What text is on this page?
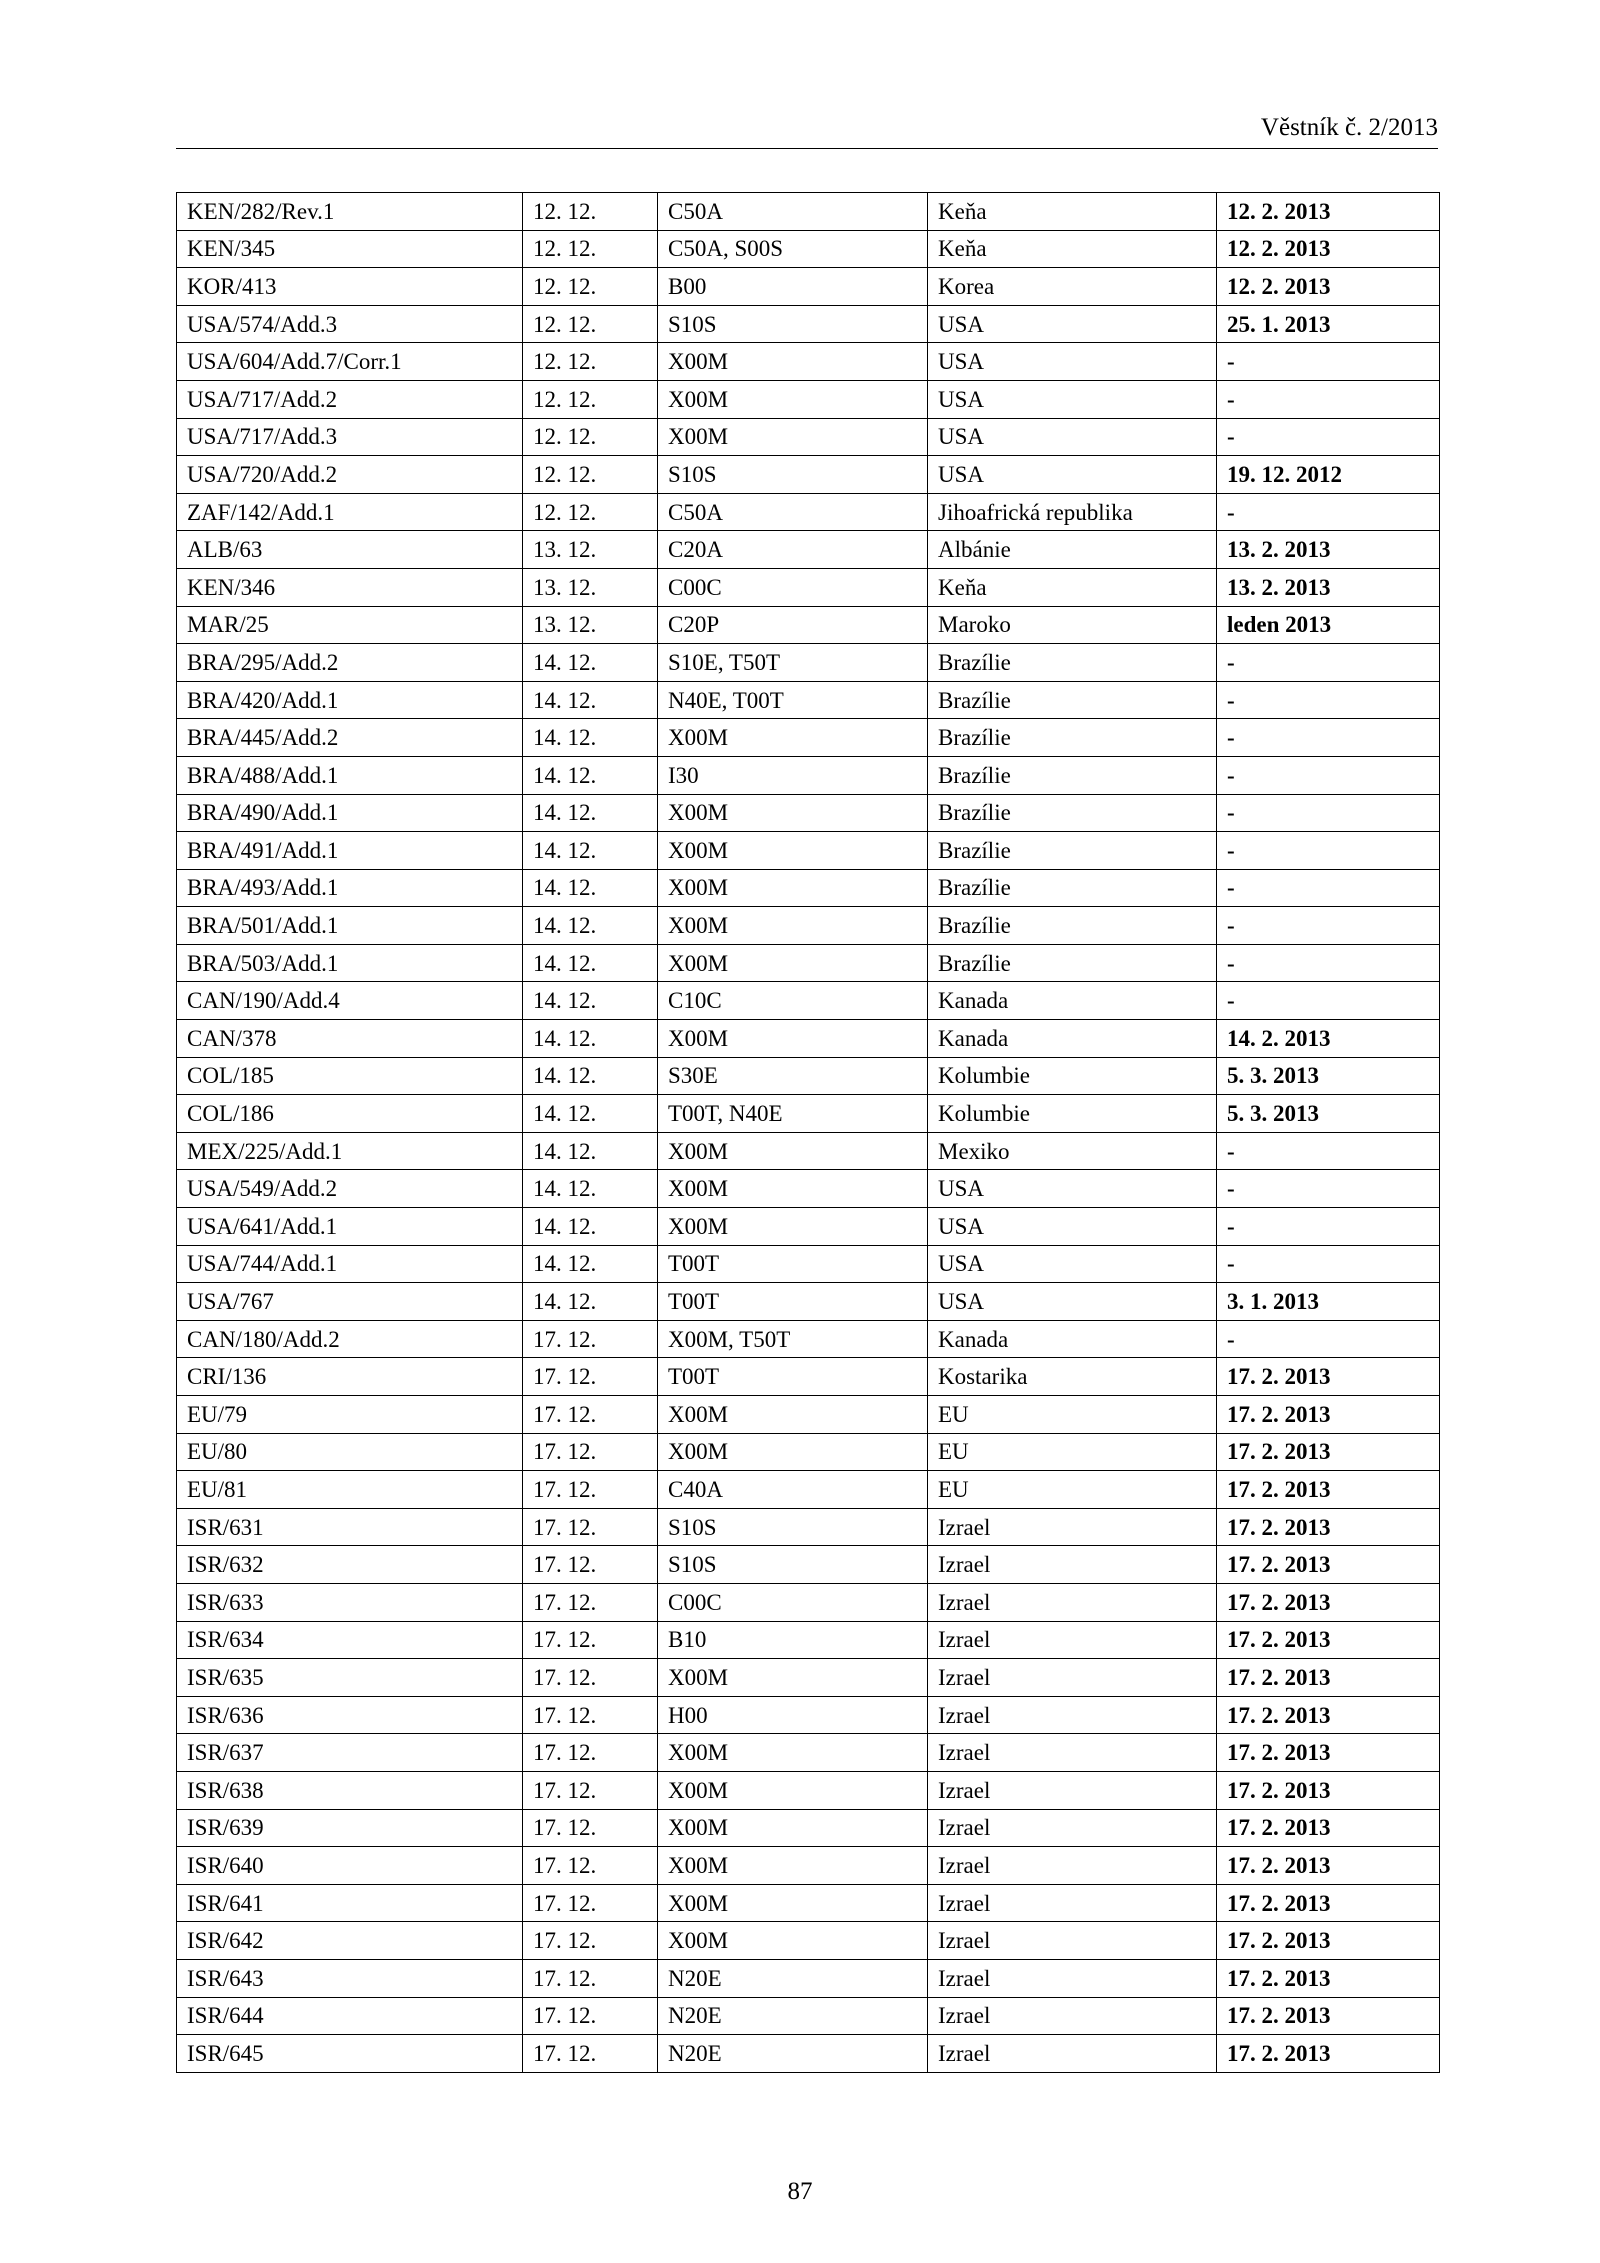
Věstník č. 2/2013
KEN/282/Rev.1	12. 12.	C50A	Keňa	12. 2. 2013
KEN/345	12. 12.	C50A, S00S	Keňa	12. 2. 2013
KOR/413	12. 12.	B00	Korea	12. 2. 2013
USA/574/Add.3	12. 12.	S10S	USA	25. 1. 2013
USA/604/Add.7/Corr.1	12. 12.	X00M	USA	-
USA/717/Add.2	12. 12.	X00M	USA	-
USA/717/Add.3	12. 12.	X00M	USA	-
USA/720/Add.2	12. 12.	S10S	USA	19. 12. 2012
ZAF/142/Add.1	12. 12.	C50A	Jihoafrická republika	-
ALB/63	13. 12.	C20A	Albánie	13. 2. 2013
KEN/346	13. 12.	C00C	Keňa	13. 2. 2013
MAR/25	13. 12.	C20P	Maroko	leden 2013
BRA/295/Add.2	14. 12.	S10E, T50T	Brazílie	-
BRA/420/Add.1	14. 12.	N40E, T00T	Brazílie	-
BRA/445/Add.2	14. 12.	X00M	Brazílie	-
BRA/488/Add.1	14. 12.	I30	Brazílie	-
BRA/490/Add.1	14. 12.	X00M	Brazílie	-
BRA/491/Add.1	14. 12.	X00M	Brazílie	-
BRA/493/Add.1	14. 12.	X00M	Brazílie	-
BRA/501/Add.1	14. 12.	X00M	Brazílie	-
BRA/503/Add.1	14. 12.	X00M	Brazílie	-
CAN/190/Add.4	14. 12.	C10C	Kanada	-
CAN/378	14. 12.	X00M	Kanada	14. 2. 2013
COL/185	14. 12.	S30E	Kolumbie	5. 3. 2013
COL/186	14. 12.	T00T, N40E	Kolumbie	5. 3. 2013
MEX/225/Add.1	14. 12.	X00M	Mexiko	-
USA/549/Add.2	14. 12.	X00M	USA	-
USA/641/Add.1	14. 12.	X00M	USA	-
USA/744/Add.1	14. 12.	T00T	USA	-
USA/767	14. 12.	T00T	USA	3. 1. 2013
CAN/180/Add.2	17. 12.	X00M, T50T	Kanada	-
CRI/136	17. 12.	T00T	Kostarika	17. 2. 2013
EU/79	17. 12.	X00M	EU	17. 2. 2013
EU/80	17. 12.	X00M	EU	17. 2. 2013
EU/81	17. 12.	C40A	EU	17. 2. 2013
ISR/631	17. 12.	S10S	Izrael	17. 2. 2013
ISR/632	17. 12.	S10S	Izrael	17. 2. 2013
ISR/633	17. 12.	C00C	Izrael	17. 2. 2013
ISR/634	17. 12.	B10	Izrael	17. 2. 2013
ISR/635	17. 12.	X00M	Izrael	17. 2. 2013
ISR/636	17. 12.	H00	Izrael	17. 2. 2013
ISR/637	17. 12.	X00M	Izrael	17. 2. 2013
ISR/638	17. 12.	X00M	Izrael	17. 2. 2013
ISR/639	17. 12.	X00M	Izrael	17. 2. 2013
ISR/640	17. 12.	X00M	Izrael	17. 2. 2013
ISR/641	17. 12.	X00M	Izrael	17. 2. 2013
ISR/642	17. 12.	X00M	Izrael	17. 2. 2013
ISR/643	17. 12.	N20E	Izrael	17. 2. 2013
ISR/644	17. 12.	N20E	Izrael	17. 2. 2013
ISR/645	17. 12.	N20E	Izrael	17. 2. 2013
87
